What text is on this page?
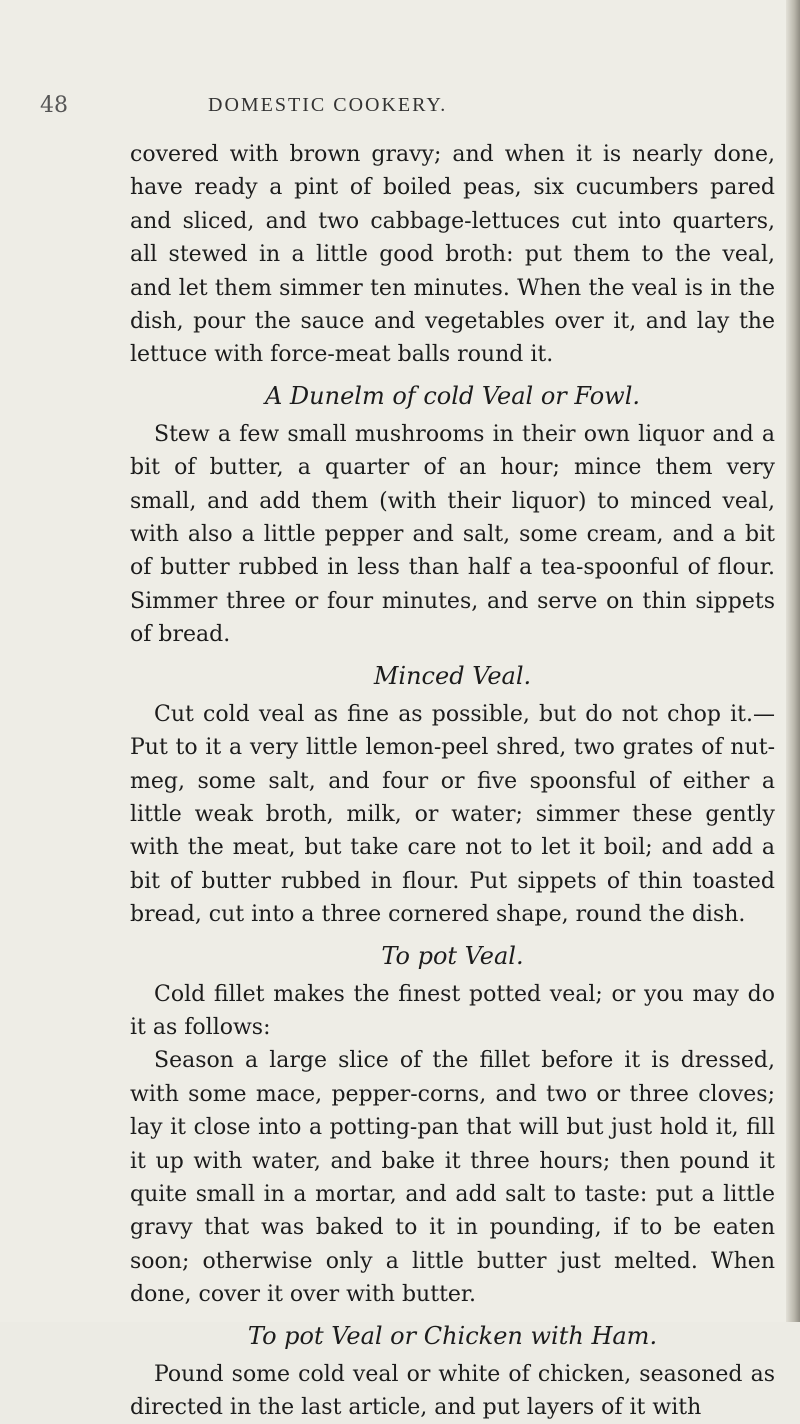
48	DOMESTIC COOKERY.

covered with brown gravy; and when it is nearly done, have ready a pint of boiled peas, six cucumbers pared and sliced, and two cabbage-lettuces cut into quarters, all stewed in a little good broth: put them to the veal, and let them simmer ten minutes. When the veal is in the dish, pour the sauce and vegetables over it, and lay the lettuce with force-meat balls round it.

A Dunelm of cold Veal or Fowl.

Stew a few small mushrooms in their own liquor and a bit of butter, a quarter of an hour; mince them very small, and add them (with their liquor) to minced veal, with also a little pepper and salt, some cream, and a bit of butter rubbed in less than half a tea-spoonful of flour. Simmer three or four minutes, and serve on thin sippets of bread.

Minced Veal.

Cut cold veal as fine as possible, but do not chop it.— Put to it a very little lemon-peel shred, two grates of nut-meg, some salt, and four or five spoonsful of either a little weak broth, milk, or water; simmer these gently with the meat, but take care not to let it boil; and add a bit of butter rubbed in flour. Put sippets of thin toasted bread, cut into a three cornered shape, round the dish.

To pot Veal.

Cold fillet makes the finest potted veal; or you may do it as follows:

Season a large slice of the fillet before it is dressed, with some mace, pepper-corns, and two or three cloves; lay it close into a potting-pan that will but just hold it, fill it up with water, and bake it three hours; then pound it quite small in a mortar, and add salt to taste: put a little gravy that was baked to it in pounding, if to be eaten soon; otherwise only a little butter just melted. When done, cover it over with butter.

To pot Veal or Chicken with Ham.

Pound some cold veal or white of chicken, seasoned as directed in the last article, and put layers of it with
